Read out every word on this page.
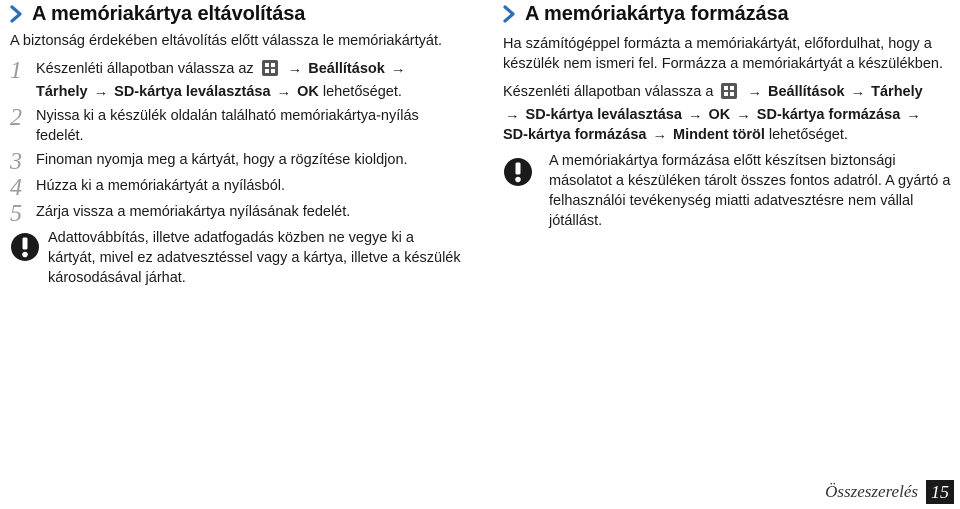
A memóriakártya eltávolítása
A biztonság érdekében eltávolítás előtt válassza le memóriakártyát.
1 Készenléti állapotban válassza az → Beállítások →
Tárhely → SD-kártya leválasztása → OK lehetőséget.
2 Nyissa ki a készülék oldalán található memóriakártya-nyílás fedelét.
3 Finoman nyomja meg a kártyát, hogy a rögzítése kioldjon.
4 Húzza ki a memóriakártyát a nyílásból.
5 Zárja vissza a memóriakártya nyílásának fedelét.
Adattovábbítás, illetve adatfogadás közben ne vegye ki a kártyát, mivel ez adatvesztéssel vagy a kártya, illetve a készülék károsodásával járhat.
A memóriakártya formázása
Ha számítógéppel formázta a memóriakártyát, előfordulhat, hogy a készülék nem ismeri fel. Formázza a memóriakártyát a készülékben.
Készenléti állapotban válassza a → Beállítások → Tárhely
→ SD-kártya leválasztása → OK → SD-kártya formázása →
SD-kártya formázása → Mindent töröl lehetőséget.
A memóriakártya formázása előtt készítsen biztonsági másolatot a készüléken tárolt összes fontos adatról. A gyártó a felhasználói tevékenység miatti adatvesztésre nem vállal jótállást.
Összeszerelés 15
